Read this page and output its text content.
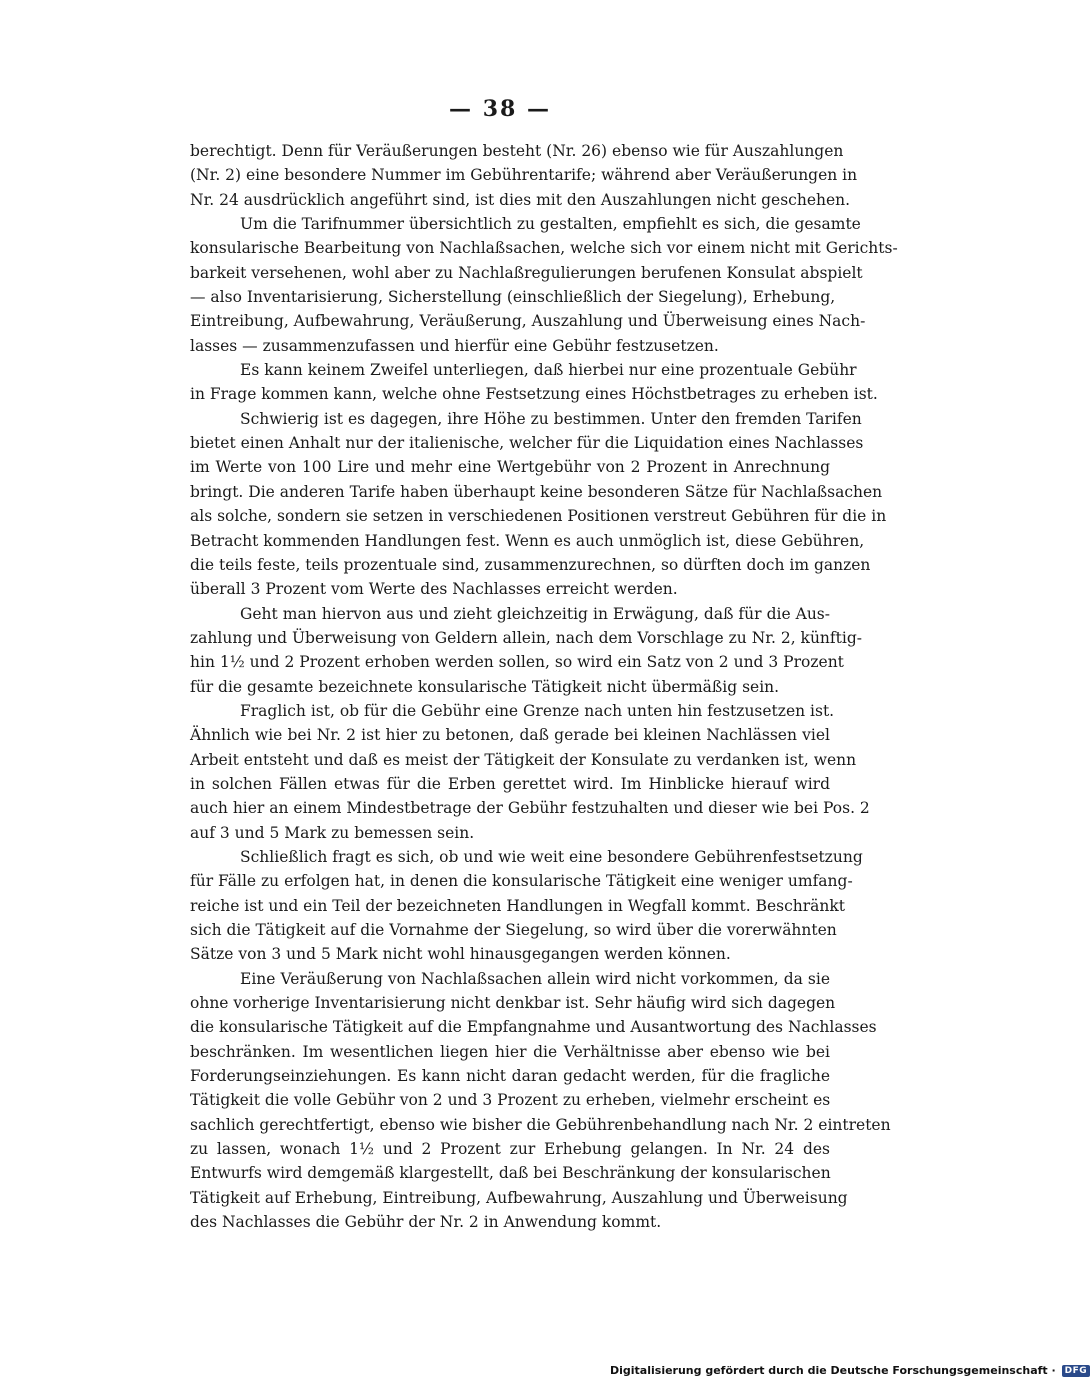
— 38 —
berechtigt. Denn für Veräußerungen besteht (Nr. 26) ebenso wie für Auszahlungen
(Nr. 2) eine besondere Nummer im Gebührentarife; während aber Veräußerungen in
Nr. 24 ausdrücklich angeführt sind, ist dies mit den Auszahlungen nicht geschehen.
Um die Tarifnummer übersichtlich zu gestalten, empfiehlt es sich, die gesamte
konsularische Bearbeitung von Nachlaßsachen, welche sich vor einem nicht mit Gerichts-
barkeit versehenen, wohl aber zu Nachlaßregulierungen berufenen Konsulat abspielt
— also Inventarisierung, Sicherstellung (einschließlich der Siegelung), Erhebung,
Eintreibung, Aufbewahrung, Veräußerung, Auszahlung und Überweisung eines Nach-
lasses — zusammenzufassen und hierfür eine Gebühr festzusetzen.
Es kann keinem Zweifel unterliegen, daß hierbei nur eine prozentuale Gebühr
in Frage kommen kann, welche ohne Festsetzung eines Höchstbetrages zu erheben ist.
Schwierig ist es dagegen, ihre Höhe zu bestimmen. Unter den fremden Tarifen
bietet einen Anhalt nur der italienische, welcher für die Liquidation eines Nachlasses
im Werte von 100 Lire und mehr eine Wertgebühr von 2 Prozent in Anrechnung
bringt. Die anderen Tarife haben überhaupt keine besonderen Sätze für Nachlaßsachen
als solche, sondern sie setzen in verschiedenen Positionen verstreut Gebühren für die in
Betracht kommenden Handlungen fest. Wenn es auch unmöglich ist, diese Gebühren,
die teils feste, teils prozentuale sind, zusammenzurechnen, so dürften doch im ganzen
überall 3 Prozent vom Werte des Nachlasses erreicht werden.
Geht man hiervon aus und zieht gleichzeitig in Erwägung, daß für die Aus-
zahlung und Überweisung von Geldern allein, nach dem Vorschlage zu Nr. 2, künftig-
hin 1½ und 2 Prozent erhoben werden sollen, so wird ein Satz von 2 und 3 Prozent
für die gesamte bezeichnete konsularische Tätigkeit nicht übermäßig sein.
Fraglich ist, ob für die Gebühr eine Grenze nach unten hin festzusetzen ist.
Ähnlich wie bei Nr. 2 ist hier zu betonen, daß gerade bei kleinen Nachlässen viel
Arbeit entsteht und daß es meist der Tätigkeit der Konsulate zu verdanken ist, wenn
in solchen Fällen etwas für die Erben gerettet wird. Im Hinblicke hierauf wird
auch hier an einem Mindestbetrage der Gebühr festzuhalten und dieser wie bei Pos. 2
auf 3 und 5 Mark zu bemessen sein.
Schließlich fragt es sich, ob und wie weit eine besondere Gebührenfestsetzung
für Fälle zu erfolgen hat, in denen die konsularische Tätigkeit eine weniger umfang-
reiche ist und ein Teil der bezeichneten Handlungen in Wegfall kommt. Beschränkt
sich die Tätigkeit auf die Vornahme der Siegelung, so wird über die vorerwähnten
Sätze von 3 und 5 Mark nicht wohl hinausgegangen werden können.
Eine Veräußerung von Nachlaßsachen allein wird nicht vorkommen, da sie
ohne vorherige Inventarisierung nicht denkbar ist. Sehr häufig wird sich dagegen
die konsularische Tätigkeit auf die Empfangnahme und Ausantwortung des Nachlasses
beschränken. Im wesentlichen liegen hier die Verhältnisse aber ebenso wie bei
Forderungseinziehungen. Es kann nicht daran gedacht werden, für die fragliche
Tätigkeit die volle Gebühr von 2 und 3 Prozent zu erheben, vielmehr erscheint es
sachlich gerechtfertigt, ebenso wie bisher die Gebührenbehandlung nach Nr. 2 eintreten
zu lassen, wonach 1½ und 2 Prozent zur Erhebung gelangen. In Nr. 24 des
Entwurfs wird demgemäß klargestellt, daß bei Beschränkung der konsularischen
Tätigkeit auf Erhebung, Eintreibung, Aufbewahrung, Auszahlung und Überweisung
des Nachlasses die Gebühr der Nr. 2 in Anwendung kommt.
Digitalisierung gefördert durch die Deutsche Forschungsgemeinschaft ·	DFG
